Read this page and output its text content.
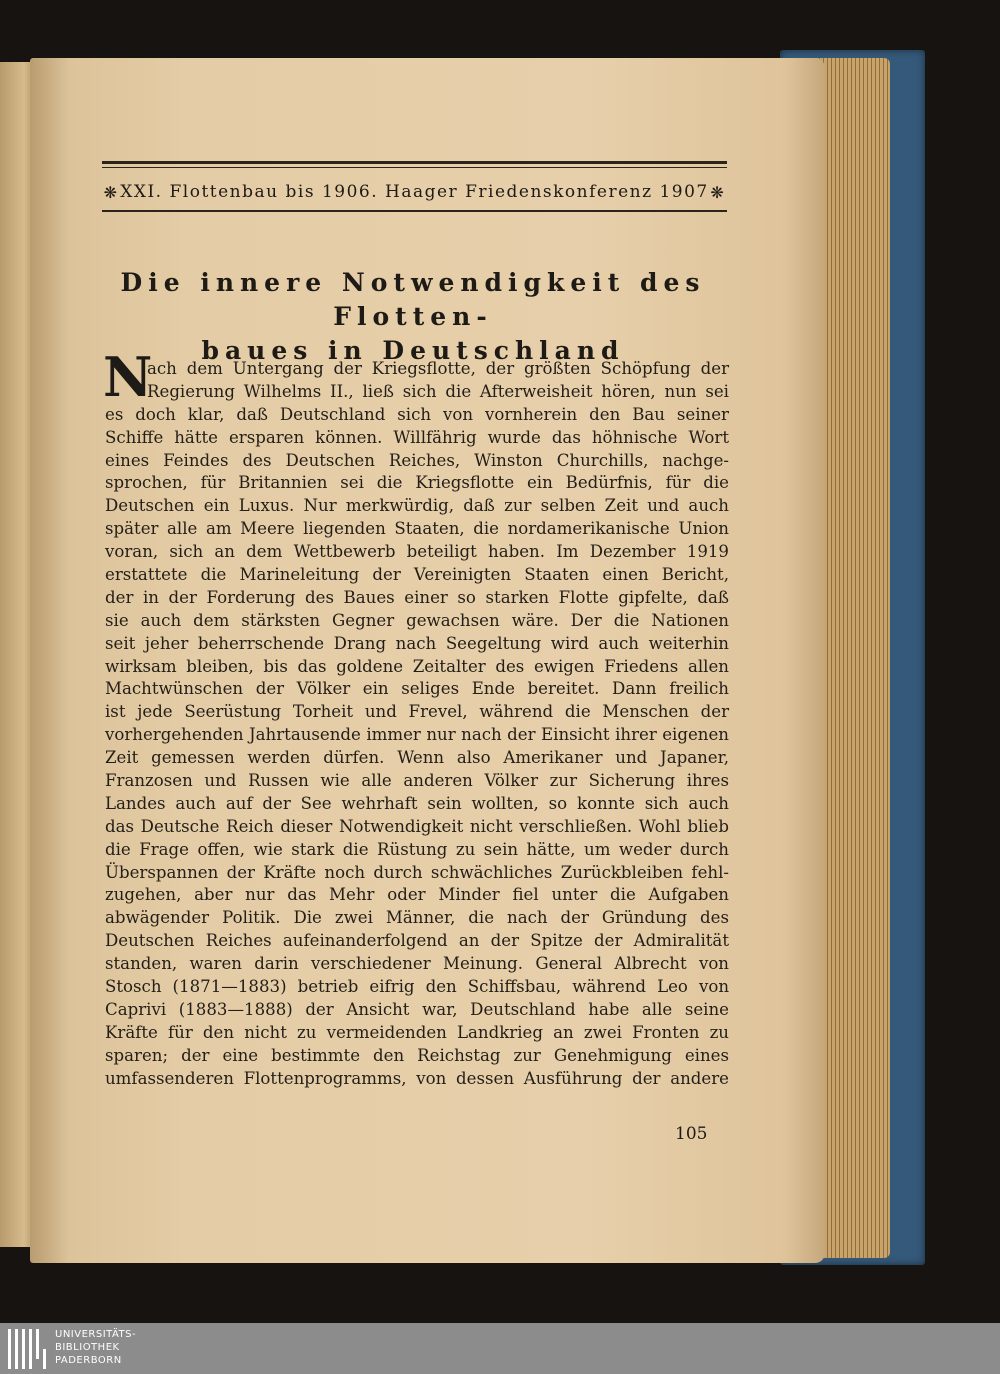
❋ XXI. Flottenbau bis 1906. Haager Friedenskonferenz 1907 ❋
Die innere Notwendigkeit des Flotten-
baues in Deutschland
N
ach dem Untergang der Kriegsflotte, der größten Schöpfung der
Regierung Wilhelms II., ließ sich die Afterweisheit hören, nun sei
es doch klar, daß Deutschland sich von vornherein den Bau seiner
Schiffe hätte ersparen können. Willfährig wurde das höhnische Wort
eines Feindes des Deutschen Reiches, Winston Churchills, nachge-
sprochen, für Britannien sei die Kriegsflotte ein Bedürfnis, für die
Deutschen ein Luxus. Nur merkwürdig, daß zur selben Zeit und auch
später alle am Meere liegenden Staaten, die nordamerikanische Union
voran, sich an dem Wettbewerb beteiligt haben. Im Dezember 1919
erstattete die Marineleitung der Vereinigten Staaten einen Bericht,
der in der Forderung des Baues einer so starken Flotte gipfelte, daß
sie auch dem stärksten Gegner gewachsen wäre. Der die Nationen
seit jeher beherrschende Drang nach Seegeltung wird auch weiterhin
wirksam bleiben, bis das goldene Zeitalter des ewigen Friedens allen
Machtwünschen der Völker ein seliges Ende bereitet. Dann freilich
ist jede Seerüstung Torheit und Frevel, während die Menschen der
vorhergehenden Jahrtausende immer nur nach der Einsicht ihrer eigenen
Zeit gemessen werden dürfen. Wenn also Amerikaner und Japaner,
Franzosen und Russen wie alle anderen Völker zur Sicherung ihres
Landes auch auf der See wehrhaft sein wollten, so konnte sich auch
das Deutsche Reich dieser Notwendigkeit nicht verschließen. Wohl blieb
die Frage offen, wie stark die Rüstung zu sein hätte, um weder durch
Überspannen der Kräfte noch durch schwächliches Zurückbleiben fehl-
zugehen, aber nur das Mehr oder Minder fiel unter die Aufgaben
abwägender Politik. Die zwei Männer, die nach der Gründung des
Deutschen Reiches aufeinanderfolgend an der Spitze der Admiralität
standen, waren darin verschiedener Meinung. General Albrecht von
Stosch (1871—1883) betrieb eifrig den Schiffsbau, während Leo von
Caprivi (1883—1888) der Ansicht war, Deutschland habe alle seine
Kräfte für den nicht zu vermeidenden Landkrieg an zwei Fronten zu
sparen; der eine bestimmte den Reichstag zur Genehmigung eines
umfassenderen Flottenprogramms, von dessen Ausführung der andere
105
UNIVERSITÄTS-
BIBLIOTHEK
PADERBORN
